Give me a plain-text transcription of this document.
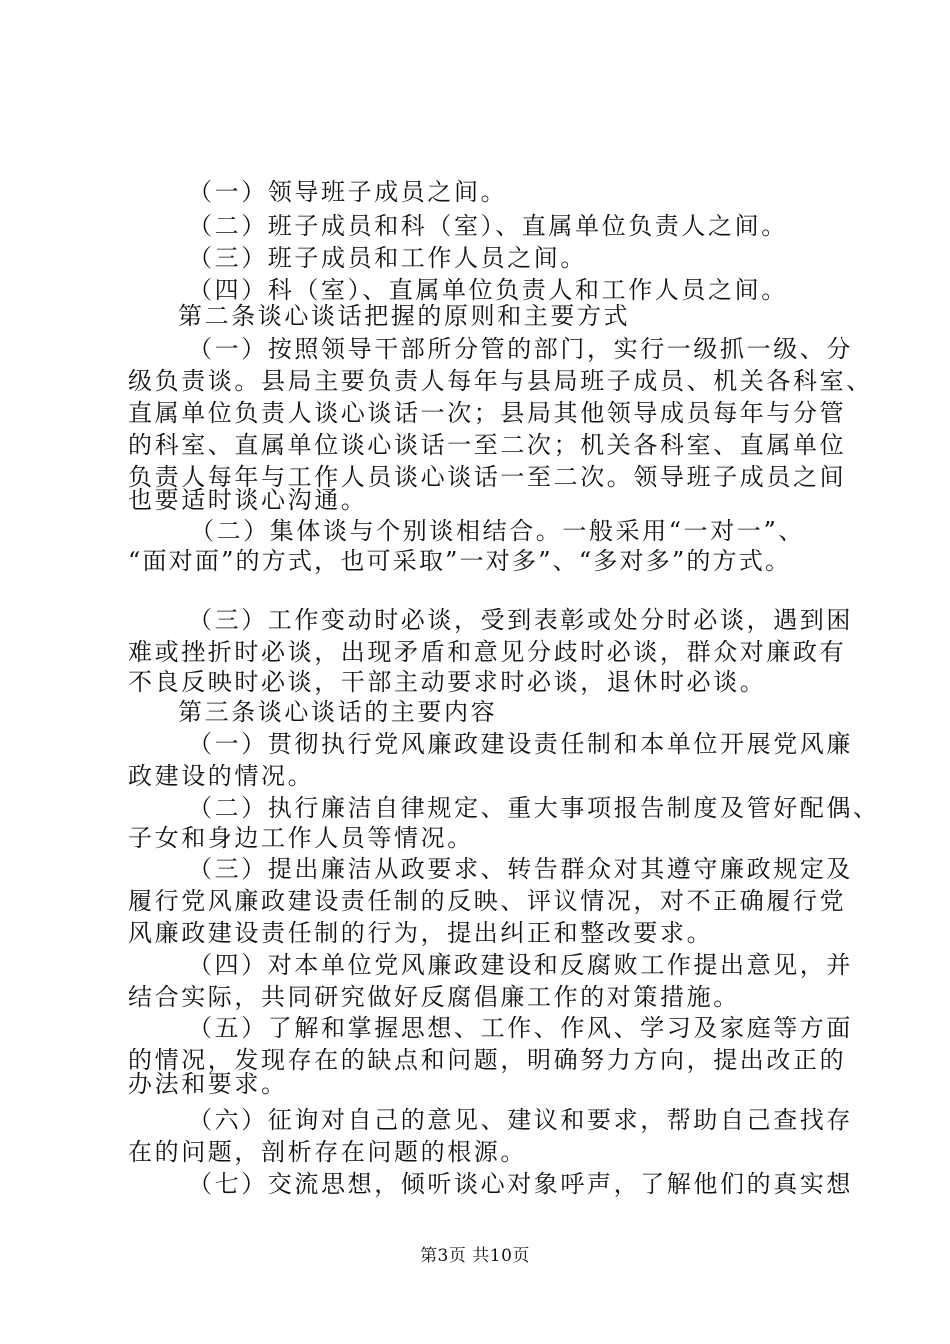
（一）领导班子成员之间。
（二）班子成员和科（室）、直属单位负责人之间。
（三）班子成员和工作人员之间。
（四）科（室）、直属单位负责人和工作人员之间。
第二条谈心谈话把握的原则和主要方式
（一）按照领导干部所分管的部门，实行一级抓一级、分
级负责谈。县局主要负责人每年与县局班子成员、机关各科室、
直属单位负责人谈心谈话一次；县局其他领导成员每年与分管
的科室、直属单位谈心谈话一至二次；机关各科室、直属单位
负责人每年与工作人员谈心谈话一至二次。领导班子成员之间
也要适时谈心沟通。
（二）集体谈与个别谈相结合。一般采用“一对一”、
“面对面”的方式，也可采取”一对多”、“多对多”的方式。
（三）工作变动时必谈，受到表彰或处分时必谈，遇到困
难或挫折时必谈，出现矛盾和意见分歧时必谈，群众对廉政有
不良反映时必谈，干部主动要求时必谈，退休时必谈。
第三条谈心谈话的主要内容
（一）贯彻执行党风廉政建设责任制和本单位开展党风廉
政建设的情况。
（二）执行廉洁自律规定、重大事项报告制度及管好配偶、
子女和身边工作人员等情况。
（三）提出廉洁从政要求、转告群众对其遵守廉政规定及
履行党风廉政建设责任制的反映、评议情况，对不正确履行党
风廉政建设责任制的行为，提出纠正和整改要求。
（四）对本单位党风廉政建设和反腐败工作提出意见，并
结合实际，共同研究做好反腐倡廉工作的对策措施。
（五）了解和掌握思想、工作、作风、学习及家庭等方面
的情况，发现存在的缺点和问题，明确努力方向，提出改正的
办法和要求。
（六）征询对自己的意见、建议和要求，帮助自己查找存
在的问题，剖析存在问题的根源。
（七）交流思想，倾听谈心对象呼声，了解他们的真实想
第3页 共10页
